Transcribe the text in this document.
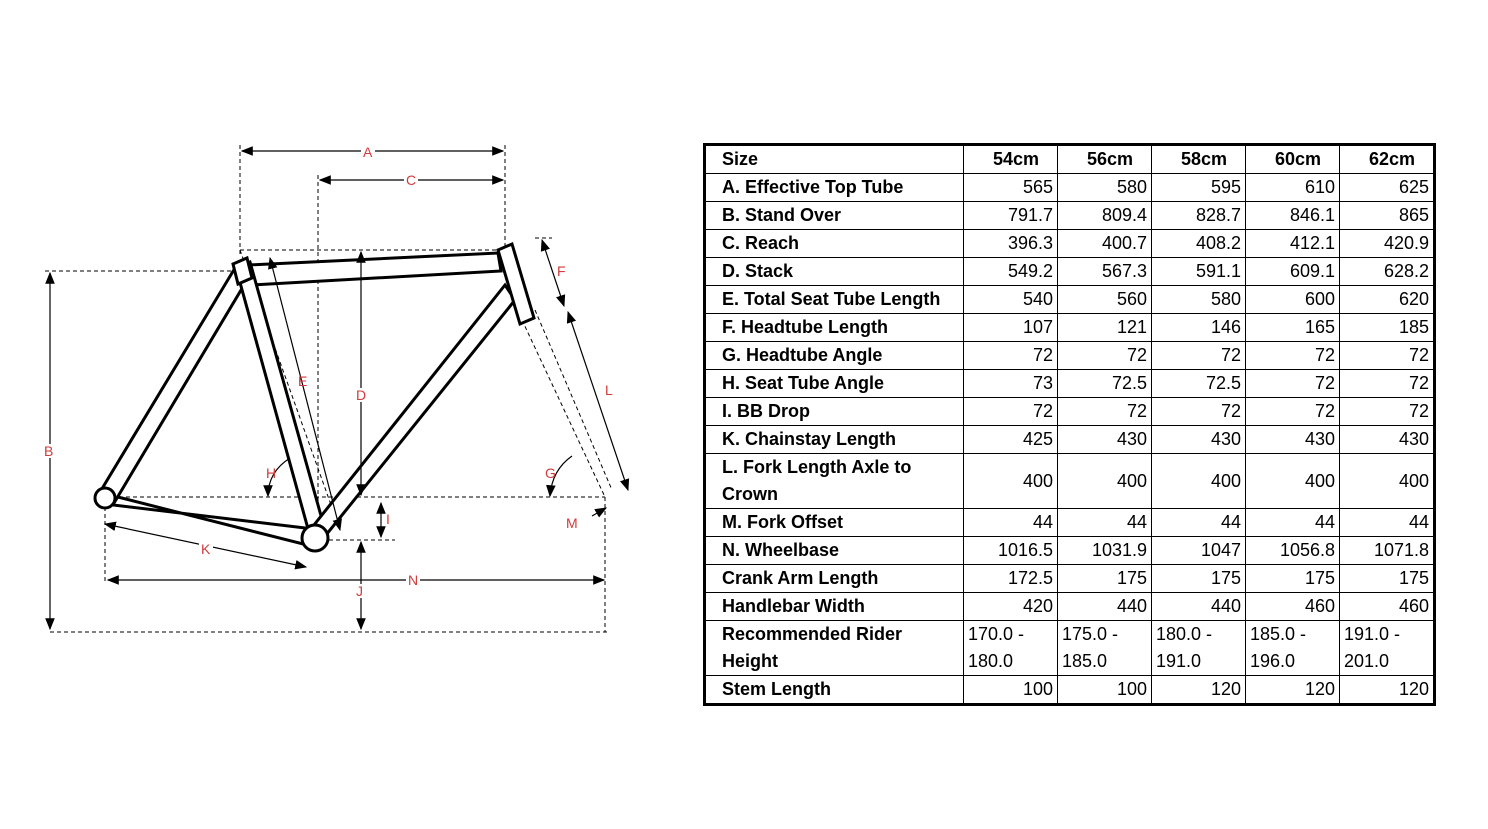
A
B
C
D
E
F
G
H
I
J
K
L
M
N
Size	54cm	56cm	58cm	60cm	62cm
A. Effective Top Tube	565	580	595	610	625
B. Stand Over	791.7	809.4	828.7	846.1	865
C. Reach	396.3	400.7	408.2	412.1	420.9
D. Stack	549.2	567.3	591.1	609.1	628.2
E. Total Seat Tube Length	540	560	580	600	620
F. Headtube Length	107	121	146	165	185
G. Headtube Angle	72	72	72	72	72
H. Seat Tube Angle	73	72.5	72.5	72	72
I. BB Drop	72	72	72	72	72
K. Chainstay Length	425	430	430	430	430
L. Fork Length Axle to Crown	400	400	400	400	400
M. Fork Offset	44	44	44	44	44
N. Wheelbase	1016.5	1031.9	1047	1056.8	1071.8
Crank Arm Length	172.5	175	175	175	175
Handlebar Width	420	440	440	460	460
Recommended Rider Height	170.0 - 180.0	175.0 - 185.0	180.0 - 191.0	185.0 - 196.0	191.0 - 201.0
Stem Length	100	100	120	120	120
